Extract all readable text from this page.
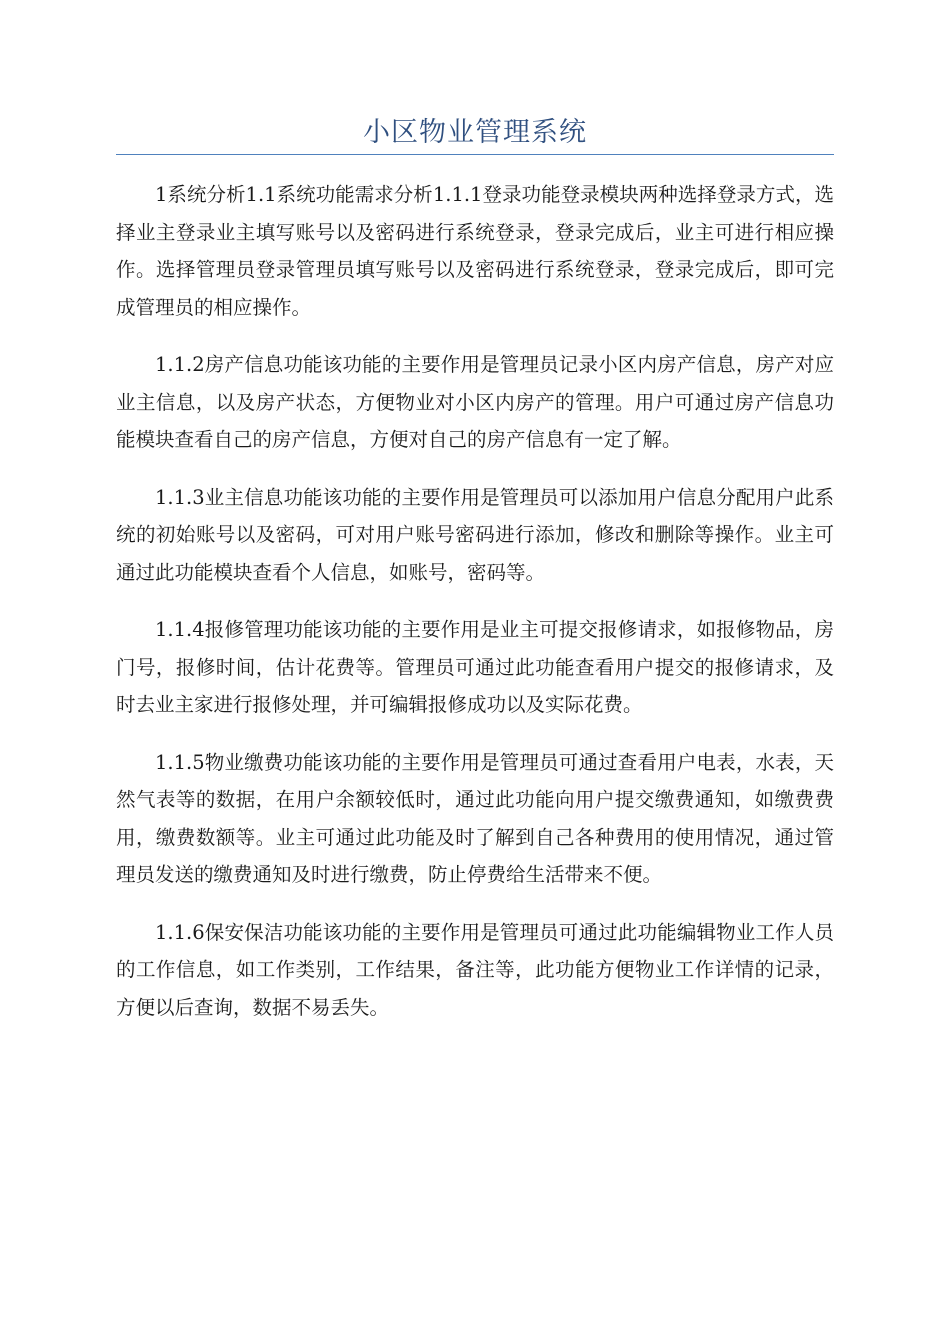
小区物业管理系统

1系统分析1.1系统功能需求分析1.1.1登录功能登录模块两种选择登录方式，选择业主登录业主填写账号以及密码进行系统登录，登录完成后，业主可进行相应操作。选择管理员登录管理员填写账号以及密码进行系统登录，登录完成后，即可完成管理员的相应操作。

1.1.2房产信息功能该功能的主要作用是管理员记录小区内房产信息，房产对应业主信息，以及房产状态，方便物业对小区内房产的管理。用户可通过房产信息功能模块查看自己的房产信息，方便对自己的房产信息有一定了解。

1.1.3业主信息功能该功能的主要作用是管理员可以添加用户信息分配用户此系统的初始账号以及密码，可对用户账号密码进行添加，修改和删除等操作。业主可通过此功能模块查看个人信息，如账号，密码等。

1.1.4报修管理功能该功能的主要作用是业主可提交报修请求，如报修物品，房门号，报修时间，估计花费等。管理员可通过此功能查看用户提交的报修请求，及时去业主家进行报修处理，并可编辑报修成功以及实际花费。

1.1.5物业缴费功能该功能的主要作用是管理员可通过查看用户电表，水表，天然气表等的数据，在用户余额较低时，通过此功能向用户提交缴费通知，如缴费费用，缴费数额等。业主可通过此功能及时了解到自己各种费用的使用情况，通过管理员发送的缴费通知及时进行缴费，防止停费给生活带来不便。

1.1.6保安保洁功能该功能的主要作用是管理员可通过此功能编辑物业工作人员的工作信息，如工作类别，工作结果，备注等，此功能方便物业工作详情的记录，方便以后查询，数据不易丢失。
